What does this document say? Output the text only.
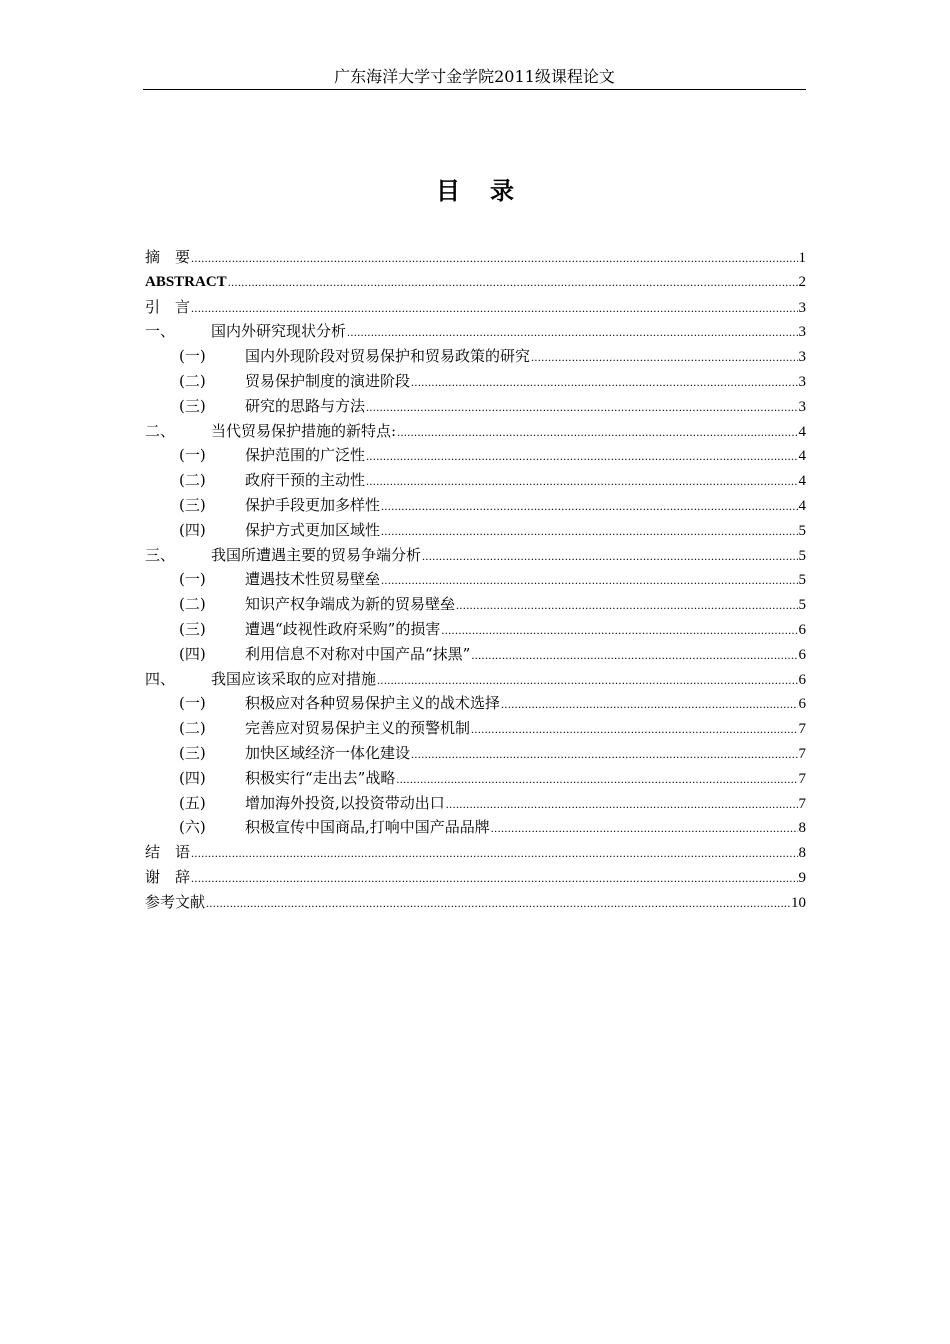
广东海洋大学寸金学院2011级课程论文
目录
摘要 .....	1
ABSTRACT .....	2
引言 .....	3
一、	国内外研究现状分析 .....	3
(一)	国内外现阶段对贸易保护和贸易政策的研究 .....	3
(二)	贸易保护制度的演进阶段 .....	3
(三)	研究的思路与方法 .....	3
二、	当代贸易保护措施的新特点: .....	4
(一)	保护范围的广泛性 .....	4
(二)	政府干预的主动性 .....	4
(三)	保护手段更加多样性 .....	4
(四)	保护方式更加区域性 .....	5
三、	我国所遭遇主要的贸易争端分析 .....	5
(一)	遭遇技术性贸易壁垒 .....	5
(二)	知识产权争端成为新的贸易壁垒 .....	5
(三)	遭遇“歧视性政府采购”的损害 .....	6
(四)	利用信息不对称对中国产品“抹黑” .....	6
四、	我国应该采取的应对措施 .....	6
(一)	积极应对各种贸易保护主义的战术选择 .....	6
(二)	完善应对贸易保护主义的预警机制 .....	7
(三)	加快区域经济一体化建设 .....	7
(四)	积极实行“走出去”战略 .....	7
(五)	增加海外投资,以投资带动出口 .....	7
(六)	积极宣传中国商品,打响中国产品品牌 .....	8
结语 .....	8
谢辞 .....	9
参考文献 .....	10
